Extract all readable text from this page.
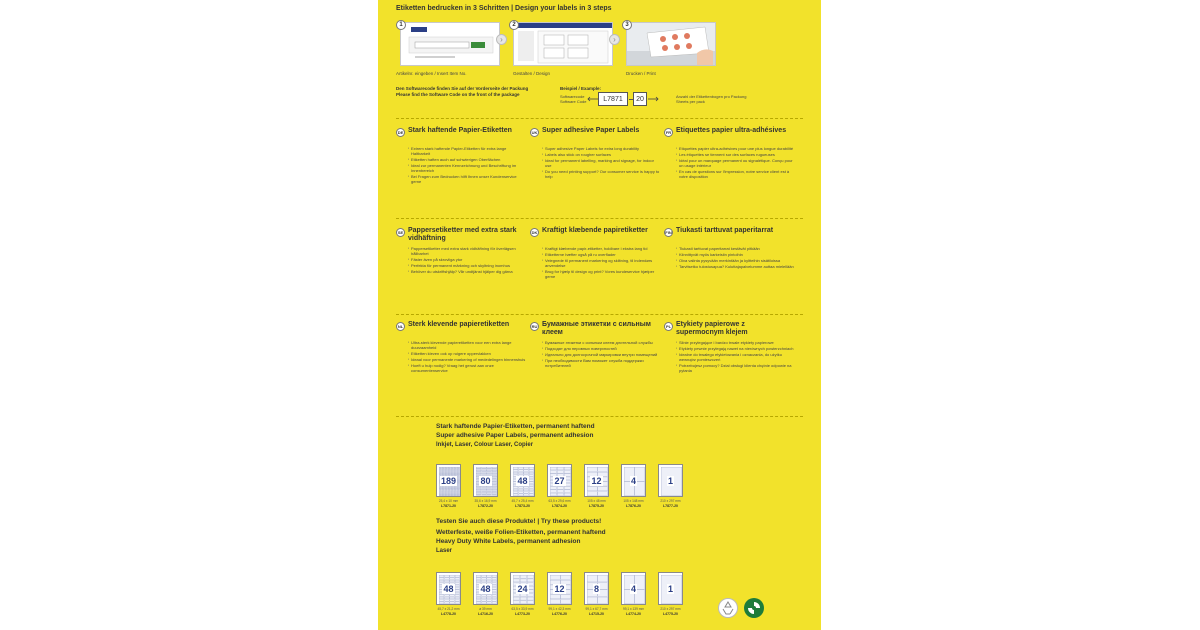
Etiketten bedrucken in 3 Schritten | Design your labels in 3 steps
1
›
Artikelnr. eingeben / Insert Item No.
2
›
Gestalten / Design
3
Drucken / Print
Den Softwarecode finden Sie auf der Vorderseite der Packung
Please find the Software Code on the front of the package
Beispiel / Example:
Softwarecode
Software Code	L7871	20	Anzahl der Etikettenbogen pro Packung
Sheets per pack
DE Stark haftende Papier-Etiketten
▪ Extrem stark haftende Papier-Etiketten für extra lange Haltbarkeit
▪ Etiketten haften auch auf schwierigen Oberflächen
▪ Ideal zur permanenten Kennzeichnung und Beschriftung im Innenbereich
▪ Bei Fragen zum Bedrucken hilft Ihnen unser Kundenservice gerne
UK Super adhesive Paper Labels
▪ Super adhesive Paper Labels for extra long durability
▪ Labels also stick on rougher surfaces
▪ Ideal for permanent labelling, marking and signage, for indoor use
▪ Do you need printing support? Our consumer service is happy to help
FR Etiquettes papier ultra-adhésives
▪ Etiquettes papier ultra-adhésives pour une plus longue durabilité
▪ Les étiquettes se tiennent sur des surfaces rugueuses
▪ Idéal pour un marquage permanent ou signalétique. Conçu pour un usage intérieur
▪ En cas de questions sur l'impression, notre service client est à votre disposition
SE Pappersetiketter med extra stark vidhäftning
▪ Pappersetiketter med extra stark vidhäftning för överlägsen hållbarhet
▪ Fäster även på skrovliga ytor
▪ Perfekta för permanent märkning och skyltning inomhus
▪ Behöver du utskriftshjälp? Vår undtjänst hjälper dig gärna
DK Kraftigt klæbende papiretiketter
▪ Kraftigt klæbende papir-etiketter, holdbare i ekstra lang tid
▪ Etiketterne hæfter også på ru overflader
▪ Velegnede til permanent markering og skiltning, til indendørs anvendelse
▪ Brug for hjælp til design og print? Vores kundeservice hjælper gerne
FIN Tiukasti tarttuvat paperitarrat
▪ Tiukasti tarttuvat paperitarrat kestävät pitkään
▪ Kiinnittyvät myös karkeisiin pintoihin
▪ Oiva valinta pysyvään merkintään ja kyltteihin sisätiloissa
▪ Tarvitsetko tulostusapua? Kuluttajapalvelumme auttaa mielellään
NL Sterk klevende papieretiketten
▪ Ultra-sterk klevende papieretiketten voor een extra lange duurzaamheid
▪ Etiketten kleven ook op ruigere oppervlakken
▪ Ideaal voor permanente markering of mededelingen binnenshuis
▪ Hoeft u hulp nodig? Vraag het gerust aan onze consumentenservice
RU Бумажные этикетки с сильным клеем
▪ Бумажные этикетки с сильным клеем длительной службы
▪ Подходят для неровных поверхностей
▪ Идеально для долгосрочной маркировки внутри помещений
▪ При необходимости Вам поможет служба поддержки потребителей
PL Etykiety papierowe z supermocnym klejem
▪ Silnie przylegające i bardzo trwałe etykiety papierowe
▪ Etykiety pewnie przylegają nawet na nierównych powierzchniach
▪ Idealne do trwałego etykietowania i oznaczania, do użytku wewnątrz pomieszczeń
▪ Potrzebujesz pomocy? Dział obsługi klienta chętnie odpowie na pytania
Stark haftende Papier-Etiketten, permanent haftend
Super adhesive Paper Labels, permanent adhesion
Inkjet, Laser, Colour Laser, Copier
189
25,4 x 10 mm
L7871-20
80
35,6 x 16,9 mm
L7872-20
48
45,7 x 25,4 mm
L7873-20
27
63,5 x 29,6 mm
L7874-20
12
105 x 48 mm
L7875-20
4
105 x 148 mm
L7876-20
1
210 x 297 mm
L7877-20
Testen Sie auch diese Produkte! | Try these products!
Wetterfeste, weiße Folien-Etiketten, permanent haftend
Heavy Duty White Labels, permanent adhesion
Laser
48
45,7 x 21,2 mm
L4778-20
48
ø 39 mm
L4716-20
24
63,5 x 33,9 mm
L4773-20
12
99,1 x 42,3 mm
L4776-20
8
99,1 x 67,7 mm
L4715-20
4
99,1 x 139 mm
L4774-20
1
210 x 297 mm
L4775-20
